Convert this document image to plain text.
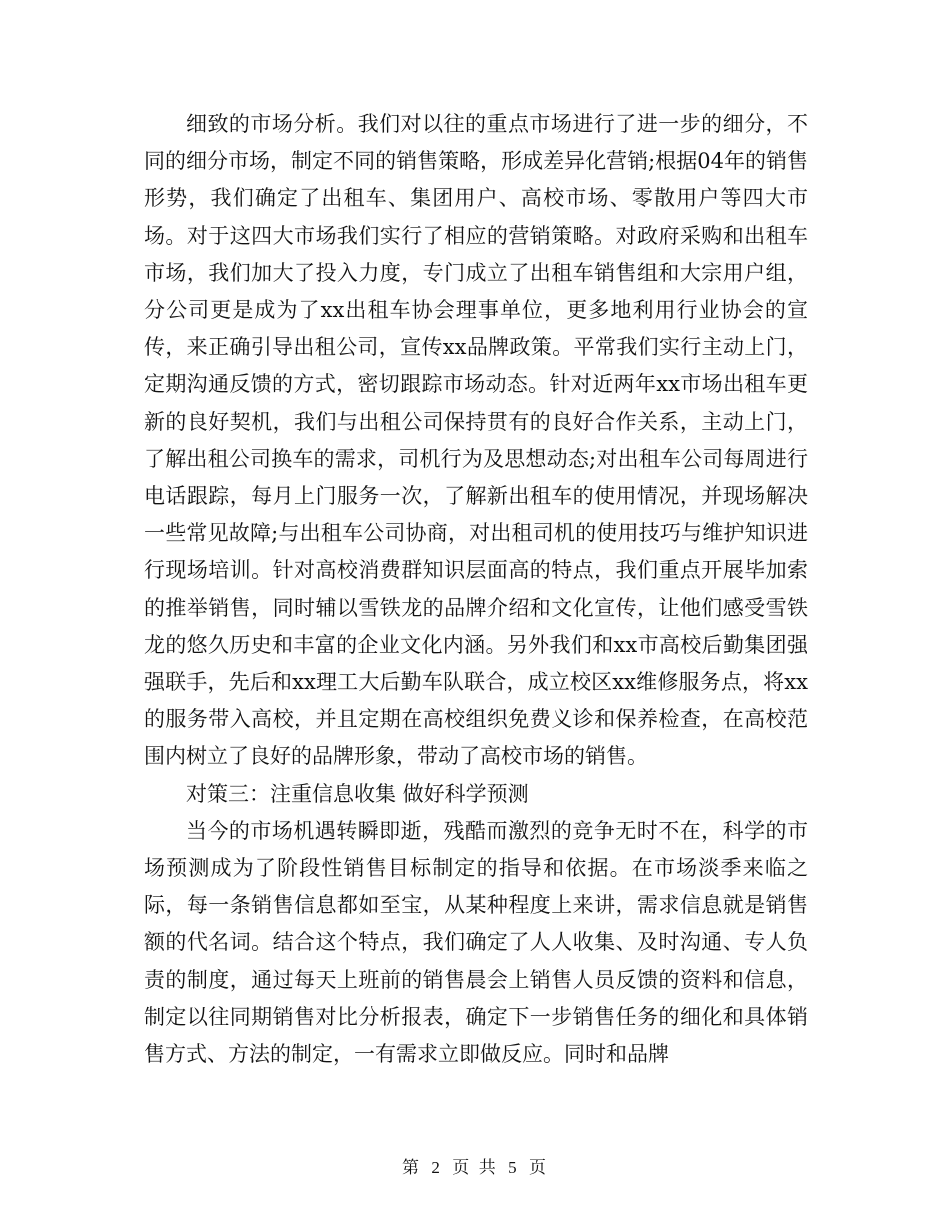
细致的市场分析。我们对以往的重点市场进行了进一步的细分，不同的细分市场，制定不同的销售策略，形成差异化营销;根据04年的销售形势，我们确定了出租车、集团用户、高校市场、零散用户等四大市场。对于这四大市场我们实行了相应的营销策略。对政府采购和出租车市场，我们加大了投入力度，专门成立了出租车销售组和大宗用户组，分公司更是成为了xx出租车协会理事单位，更多地利用行业协会的宣传，来正确引导出租公司，宣传xx品牌政策。平常我们实行主动上门，定期沟通反馈的方式，密切跟踪市场动态。针对近两年xx市场出租车更新的良好契机，我们与出租公司保持贯有的良好合作关系，主动上门，了解出租公司换车的需求，司机行为及思想动态;对出租车公司每周进行电话跟踪，每月上门服务一次，了解新出租车的使用情况，并现场解决一些常见故障;与出租车公司协商，对出租司机的使用技巧与维护知识进行现场培训。针对高校消费群知识层面高的特点，我们重点开展毕加索的推举销售，同时辅以雪铁龙的品牌介绍和文化宣传，让他们感受雪铁龙的悠久历史和丰富的企业文化内涵。另外我们和xx市高校后勤集团强强联手，先后和xx理工大后勤车队联合，成立校区xx维修服务点，将xx的服务带入高校，并且定期在高校组织免费义诊和保养检查，在高校范围内树立了良好的品牌形象，带动了高校市场的销售。

对策三：注重信息收集 做好科学预测

当今的市场机遇转瞬即逝，残酷而激烈的竞争无时不在，科学的市场预测成为了阶段性销售目标制定的指导和依据。在市场淡季来临之际，每一条销售信息都如至宝，从某种程度上来讲，需求信息就是销售额的代名词。结合这个特点，我们确定了人人收集、及时沟通、专人负责的制度，通过每天上班前的销售晨会上销售人员反馈的资料和信息，制定以往同期销售对比分析报表，确定下一步销售任务的细化和具体销售方式、方法的制定，一有需求立即做反应。同时和品牌

第 2 页 共 5 页
